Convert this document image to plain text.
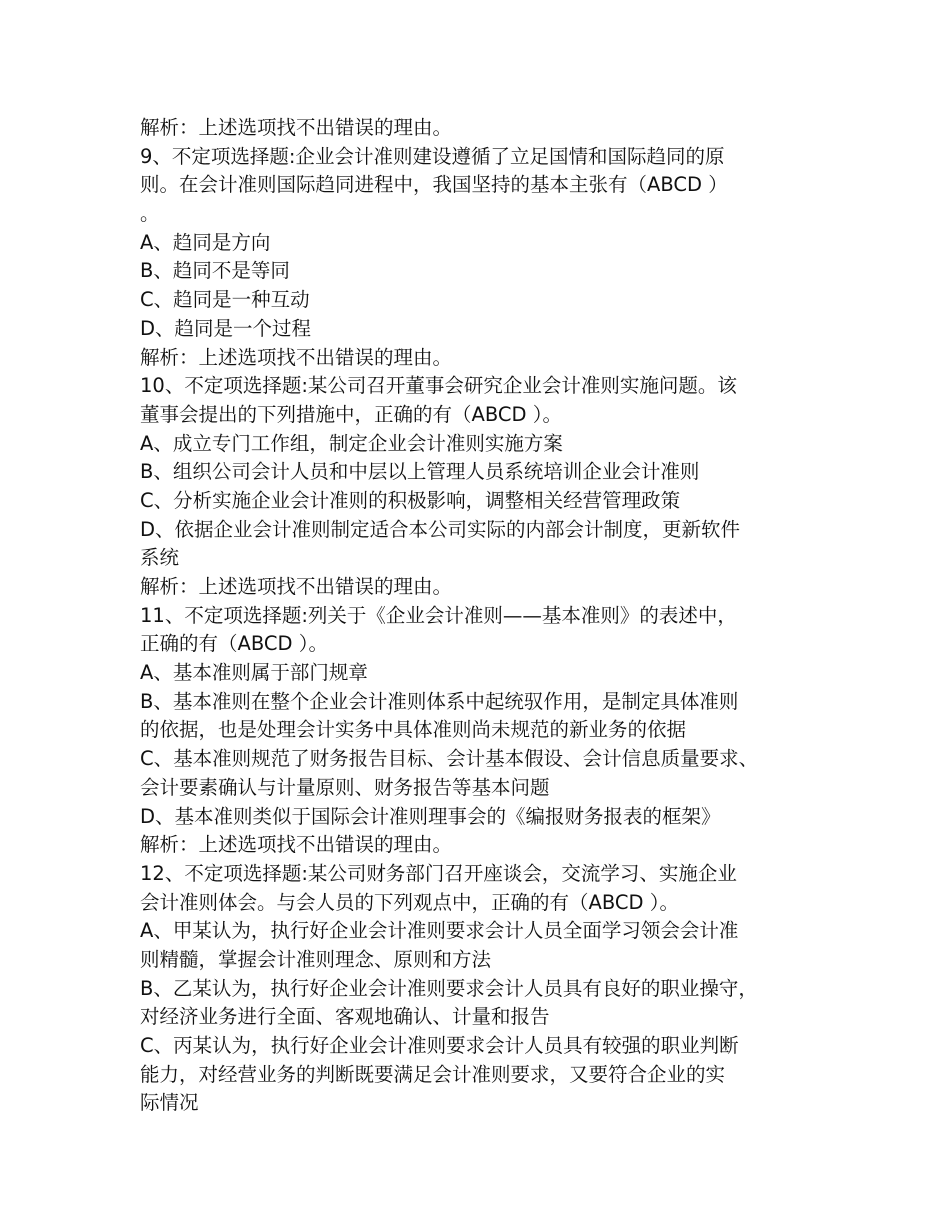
解析：上述选项找不出错误的理由。
9、不定项选择题:企业会计准则建设遵循了立足国情和国际趋同的原
则。在会计准则国际趋同进程中，我国坚持的基本主张有（ABCD ）
。
A、趋同是方向
B、趋同不是等同
C、趋同是一种互动
D、趋同是一个过程
解析：上述选项找不出错误的理由。
10、不定项选择题:某公司召开董事会研究企业会计准则实施问题。该
董事会提出的下列措施中，正确的有（ABCD ）。
A、成立专门工作组，制定企业会计准则实施方案
B、组织公司会计人员和中层以上管理人员系统培训企业会计准则
C、分析实施企业会计准则的积极影响，调整相关经营管理政策
D、依据企业会计准则制定适合本公司实际的内部会计制度，更新软件
系统
解析：上述选项找不出错误的理由。
11、不定项选择题:列关于《企业会计准则——基本准则》的表述中，
正确的有（ABCD ）。
A、基本准则属于部门规章
B、基本准则在整个企业会计准则体系中起统驭作用，是制定具体准则
的依据，也是处理会计实务中具体准则尚未规范的新业务的依据
C、基本准则规范了财务报告目标、会计基本假设、会计信息质量要求、
会计要素确认与计量原则、财务报告等基本问题
D、基本准则类似于国际会计准则理事会的《编报财务报表的框架》
解析：上述选项找不出错误的理由。
12、不定项选择题:某公司财务部门召开座谈会，交流学习、实施企业
会计准则体会。与会人员的下列观点中，正确的有（ABCD ）。
A、甲某认为，执行好企业会计准则要求会计人员全面学习领会会计准
则精髓，掌握会计准则理念、原则和方法
B、乙某认为，执行好企业会计准则要求会计人员具有良好的职业操守，
对经济业务进行全面、客观地确认、计量和报告
C、丙某认为，执行好企业会计准则要求会计人员具有较强的职业判断
能力，对经营业务的判断既要满足会计准则要求，又要符合企业的实
际情况
